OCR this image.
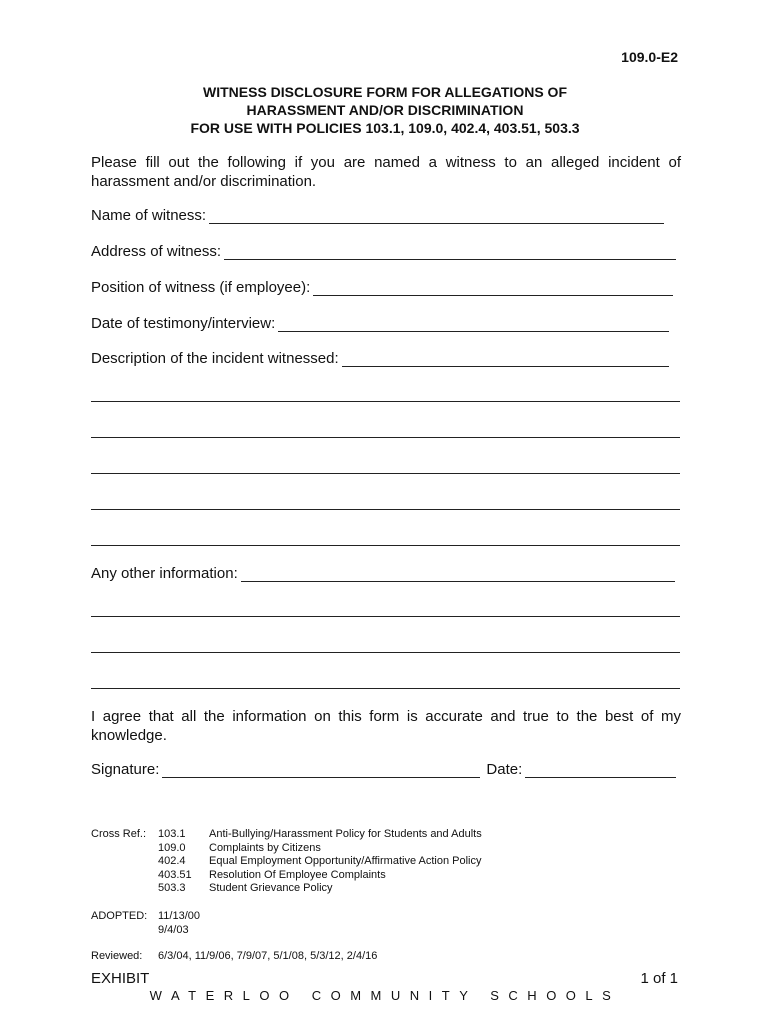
109.0-E2
WITNESS DISCLOSURE FORM FOR ALLEGATIONS OF
HARASSMENT AND/OR DISCRIMINATION
FOR USE WITH POLICIES 103.1, 109.0, 402.4, 403.51, 503.3
Please fill out the following if you are named a witness to an alleged incident of harassment and/or discrimination.
Name of witness:
Address of witness:
Position of witness (if employee):
Date of testimony/interview:
Description of the incident witnessed:
Any other information:
I agree that all the information on this form is accurate and true to the best of my knowledge.
Signature:	Date:
Cross Ref.:	103.1	Anti-Bullying/Harassment Policy for Students and Adults
	109.0	Complaints by Citizens
	402.4	Equal Employment Opportunity/Affirmative Action Policy
	403.51	Resolution Of Employee Complaints
	503.3	Student Grievance Policy
ADOPTED:	11/13/00
	9/4/03
Reviewed: 6/3/04, 11/9/06, 7/9/07, 5/1/08, 5/3/12, 2/4/16
EXHIBIT	1 of 1
WATERLOO COMMUNITY SCHOOLS
